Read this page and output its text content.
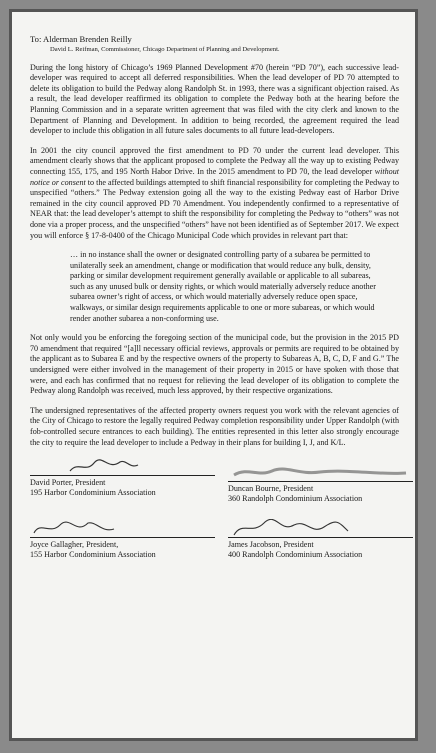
To: Alderman Brenden Reilly
David L. Reifman, Commissioner, Chicago Department of Planning and Development.

During the long history of Chicago’s 1969 Planned Development #70 (herein “PD 70”), each successive lead-developer was required to accept all deferred responsibilities. When the lead developer of PD 70 attempted to delete its obligation to build the Pedway along Randolph St. in 1993, there was a significant objection raised. As a result, the lead developer reaffirmed its obligation to complete the Pedway both at the hearing before the Planning Commission and in a separate written agreement that was filed with the city clerk and known to the Department of Planning and Development. In addition to being recorded, the agreement required the lead developer to include this obligation in all future sales documents to all future lead-developers.

In 2001 the city council approved the first amendment to PD 70 under the current lead developer. This amendment clearly shows that the applicant proposed to complete the Pedway all the way up to existing Pedway connecting 155, 175, and 195 North Habor Drive. In the 2015 amendment to PD 70, the lead developer without notice or consent to the affected buildings attempted to shift financial responsibility for completing the Pedway to unspecified “others.” The Pedway extension going all the way to the existing Pedway east of Harbor Drive remained in the city council approved PD 70 Amendment. You independently confirmed to a representative of NEAR that: the lead developer’s attempt to shift the responsibility for completing the Pedway to “others” was not done via a proper process, and the unspecified “others” have not been identified as of September 2017. We expect you will enforce § 17-8-0400 of the Chicago Municipal Code which provides in relevant part that:

… in no instance shall the owner or designated controlling party of a subarea be permitted to unilaterally seek an amendment, change or modification that would reduce any bulk, density, parking or similar development requirement generally available or applicable to all subareas, such as any unused bulk or density rights, or which would materially adversely reduce another subarea owner’s right of access, or which would materially adversely reduce open space, walkways, or similar design requirements applicable to one or more subareas, or which would render another subarea a non-conforming use.

Not only would you be enforcing the foregoing section of the municipal code, but the provision in the 2015 PD 70 amendment that required “[a]ll necessary official reviews, approvals or permits are required to be obtained by the applicant as to Subarea E and by the respective owners of the property to Subareas A, B, C, D, F and G.” The undersigned were either involved in the management of their property in 2015 or have spoken with those that were, and each has confirmed that no request for relieving the lead developer of its obligation to complete the Pedway along Randolph was received, much less approved, by their respective organizations.

The undersigned representatives of the affected property owners request you work with the relevant agencies of the City of Chicago to restore the legally required Pedway completion responsibility under Upper Randolph (with fob-controlled secure entrances to each building). The entities represented in this letter also strongly encourage the city to require the lead developer to include a Pedway in their plans for building I, J, and K/L.

David Porter, President
195 Harbor Condominium Association	Duncan Bourne, President
360 Randolph Condominium Association
Joyce Gallagher, President,
155 Harbor Condominium Association
James Jacobson, President
400 Randolph Condominium Association
